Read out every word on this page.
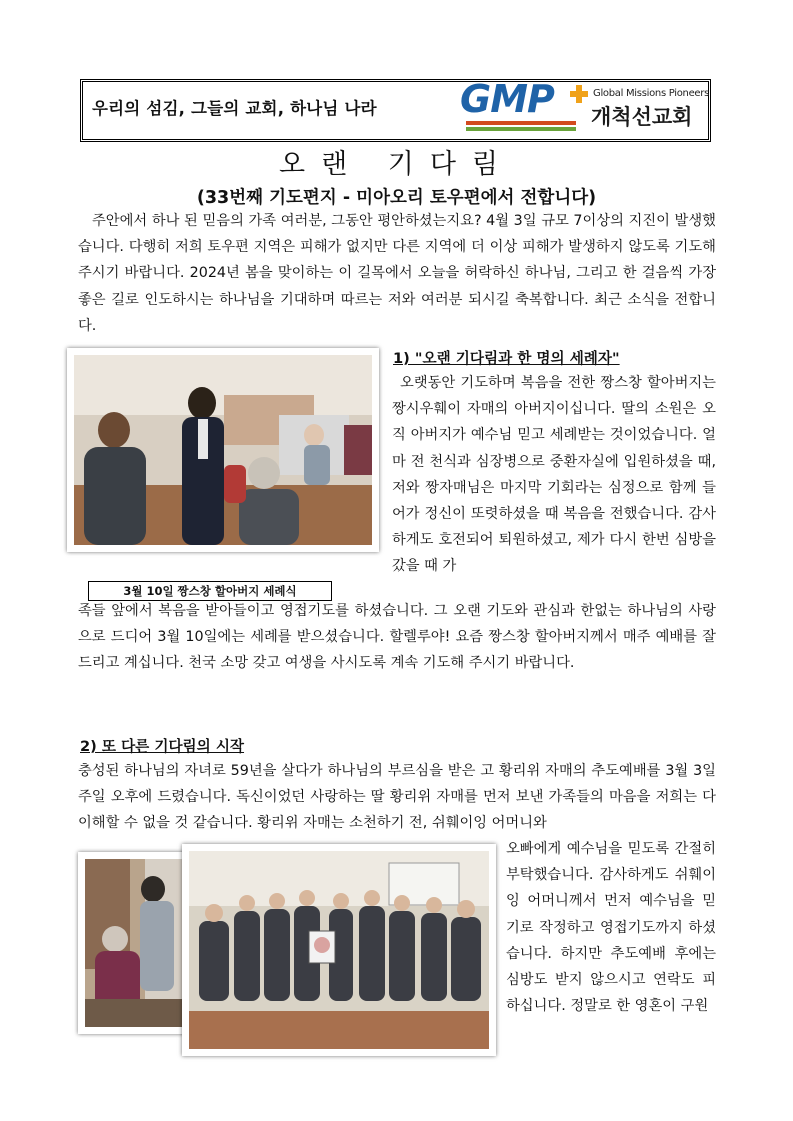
우리의 섬김, 그들의 교회, 하나님 나라 GMP	Global Missions Pioneers
개척선교회
오랜 기다림
(33번째 기도편지 - 미아오리 토우편에서 전합니다)
주안에서 하나 된 믿음의 가족 여러분, 그동안 평안하셨는지요? 4월 3일 규모 7이상의 지진이 발생했습니다. 다행히 저희 토우편 지역은 피해가 없지만 다른 지역에 더 이상 피해가 발생하지 않도록 기도해 주시기 바랍니다. 2024년 봄을 맞이하는 이 길목에서 오늘을 허락하신 하나님, 그리고 한 걸음씩 가장 좋은 길로 인도하시는 하나님을 기대하며 따르는 저와 여러분 되시길 축복합니다. 최근 소식을 전합니다.
3월 10일 짱스창 할아버지 세례식
1) "오랜 기다림과 한 명의 세례자"
오랫동안 기도하며 복음을 전한 짱스창 할아버지는 짱시우훼이 자매의 아버지이십니다. 딸의 소원은 오직 아버지가 예수님 믿고 세례받는 것이었습니다. 얼마 전 천식과 심장병으로 중환자실에 입원하셨을 때, 저와 짱자매님은 마지막 기회라는 심정으로 함께 들어가 정신이 또렷하셨을 때 복음을 전했습니다. 감사하게도 호전되어 퇴원하셨고, 제가 다시 한번 심방을 갔을 때 가
족들 앞에서 복음을 받아들이고 영접기도를 하셨습니다. 그 오랜 기도와 관심과 한없는 하나님의 사랑으로 드디어 3월 10일에는 세례를 받으셨습니다. 할렐루야! 요즘 짱스창 할아버지께서 매주 예배를 잘 드리고 계십니다. 천국 소망 갖고 여생을 사시도록 계속 기도해 주시기 바랍니다.
2) 또 다른 기다림의 시작
충성된 하나님의 자녀로 59년을 살다가 하나님의 부르심을 받은 고 황리위 자매의 추도예배를 3월 3일 주일 오후에 드렸습니다. 독신이었던 사랑하는 딸 황리위 자매를 먼저 보낸 가족들의 마음을 저희는 다 이해할 수 없을 것 같습니다. 황리위 자매는 소천하기 전, 쉬훼이잉 어머니와
오빠에게 예수님을 믿도록 간절히 부탁했습니다. 감사하게도 쉬훼이잉 어머니께서 먼저 예수님을 믿기로 작정하고 영접기도까지 하셨습니다. 하지만 추도예배 후에는 심방도 받지 않으시고 연락도 피하십니다. 정말로 한 영혼이 구원
